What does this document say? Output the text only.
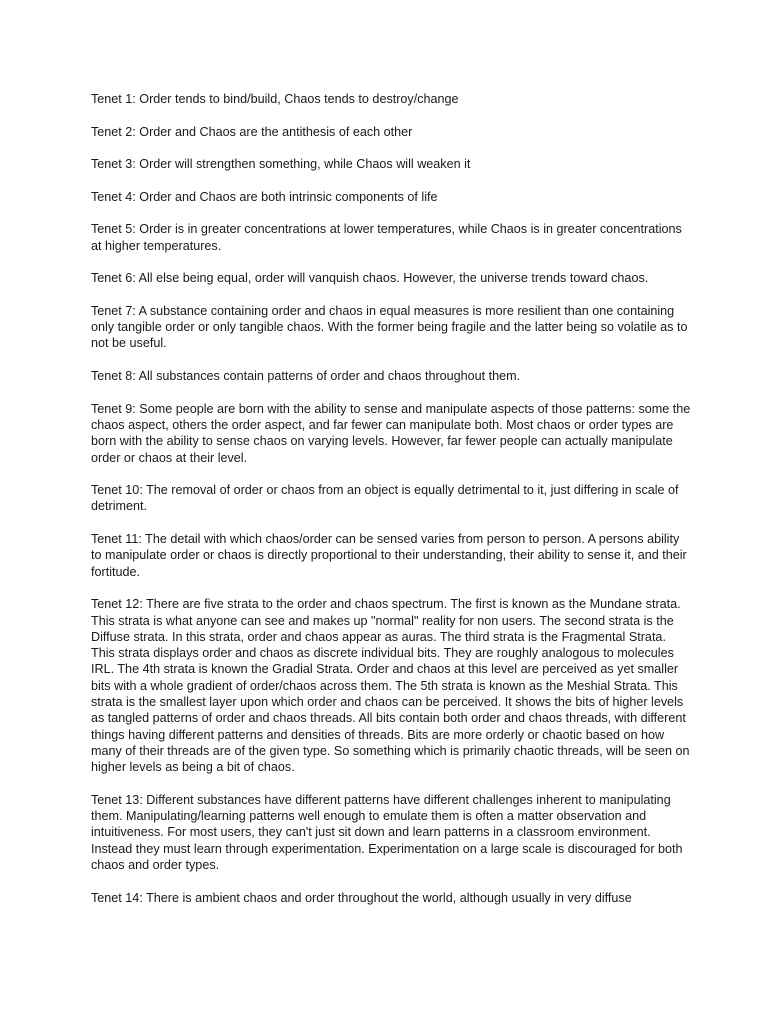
Tenet 1: Order tends to bind/build, Chaos tends to destroy/change

Tenet 2: Order and Chaos are the antithesis of each other

Tenet 3: Order will strengthen something, while Chaos will weaken it

Tenet 4: Order and Chaos are both intrinsic components of life

Tenet 5: Order is in greater concentrations at lower temperatures, while Chaos is in greater concentrations at higher temperatures.

Tenet 6: All else being equal, order will vanquish chaos. However, the universe trends toward chaos.

Tenet 7: A substance containing order and chaos in equal measures is more resilient than one containing only tangible order or only tangible chaos. With the former being fragile and the latter being so volatile as to not be useful.

Tenet 8: All substances contain patterns of order and chaos throughout them.

Tenet 9: Some people are born with the ability to sense and manipulate aspects of those patterns: some the chaos aspect, others the order aspect, and far fewer can manipulate both. Most chaos or order types are born with the ability to sense chaos on varying levels. However, far fewer people can actually manipulate order or chaos at their level.

Tenet 10: The removal of order or chaos from an object is equally detrimental to it, just differing in scale of detriment.

Tenet 11: The detail with which chaos/order can be sensed varies from person to person. A persons ability to manipulate order or chaos is directly proportional to their understanding, their ability to sense it, and their fortitude.

Tenet 12: There are five strata to the order and chaos spectrum. The first is known as the Mundane strata. This strata is what anyone can see and makes up "normal" reality for non users. The second strata is the Diffuse strata. In this strata, order and chaos appear as auras. The third strata is the Fragmental Strata. This strata displays order and chaos as discrete individual bits. They are roughly analogous to molecules IRL. The 4th strata is known the Gradial Strata. Order and chaos at this level are perceived as yet smaller bits with a whole gradient of order/chaos across them. The 5th strata is known as the Meshial Strata. This strata is the smallest layer upon which order and chaos can be perceived. It shows the bits of higher levels as tangled patterns of order and chaos threads. All bits contain both order and chaos threads, with different things having different patterns and densities of threads. Bits are more orderly or chaotic based on how many of their threads are of the given type. So something which is primarily chaotic threads, will be seen on higher levels as being a bit of chaos.

Tenet 13: Different substances have different patterns have different challenges inherent to manipulating them. Manipulating/learning patterns well enough to emulate them is often a matter observation and intuitiveness. For most users, they can't just sit down and learn patterns in a classroom environment. Instead they must learn through experimentation. Experimentation on a large scale is discouraged for both chaos and order types.

Tenet 14: There is ambient chaos and order throughout the world, although usually in very diffuse
